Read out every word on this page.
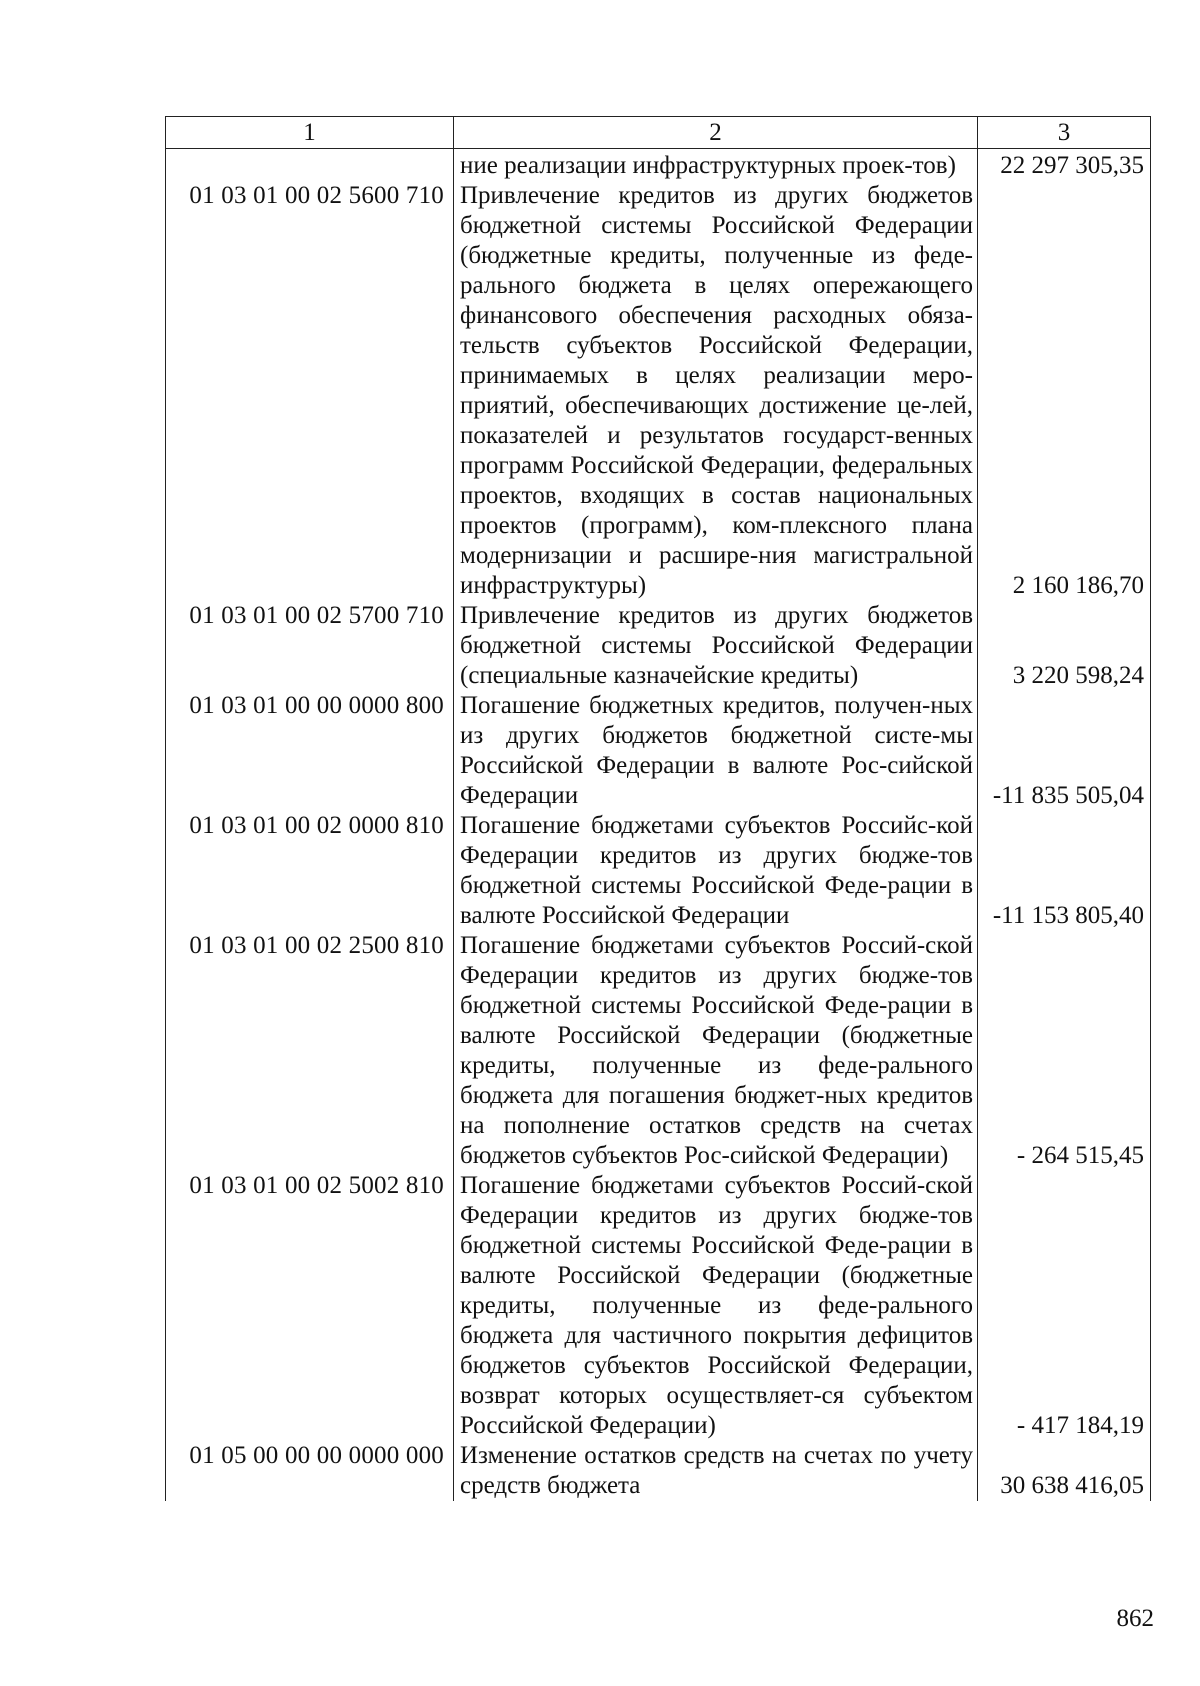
1	2	3
	ние реализации инфраструктурных проек-тов)	22 297 305,35
01 03 01 00 02 5600 710	Привлечение кредитов из других бюджетов бюджетной системы Российской Федерации (бюджетные кредиты, полученные из феде-рального бюджета в целях опережающего финансового обеспечения расходных обяза-тельств субъектов Российской Федерации, принимаемых в целях реализации меро-приятий, обеспечивающих достижение це-лей, показателей и результатов государст-венных программ Российской Федерации, федеральных проектов, входящих в состав национальных проектов (программ), ком-плексного плана модернизации и расшире-ния магистральной инфраструктуры)	2 160 186,70
01 03 01 00 02 5700 710	Привлечение кредитов из других бюджетов бюджетной системы Российской Федерации (специальные казначейские кредиты)	3 220 598,24
01 03 01 00 00 0000 800	Погашение бюджетных кредитов, получен-ных из других бюджетов бюджетной систе-мы Российской Федерации в валюте Рос-сийской Федерации	-11 835 505,04
01 03 01 00 02 0000 810	Погашение бюджетами субъектов Российс-кой Федерации кредитов из других бюдже-тов бюджетной системы Российской Феде-рации в валюте Российской Федерации	-11 153 805,40
01 03 01 00 02 2500 810	Погашение бюджетами субъектов Россий-ской Федерации кредитов из других бюдже-тов бюджетной системы Российской Феде-рации в валюте Российской Федерации (бюджетные кредиты, полученные из феде-рального бюджета для погашения бюджет-ных кредитов на пополнение остатков средств на счетах бюджетов субъектов Рос-сийской Федерации)	- 264 515,45
01 03 01 00 02 5002 810	Погашение бюджетами субъектов Россий-ской Федерации кредитов из других бюдже-тов бюджетной системы Российской Феде-рации в валюте Российской Федерации (бюджетные кредиты, полученные из феде-рального бюджета для частичного покрытия дефицитов бюджетов субъектов Российской Федерации, возврат которых осуществляет-ся субъектом Российской Федерации)	- 417 184,19
01 05 00 00 00 0000 000	Изменение остатков средств на счетах по учету средств бюджета	30 638 416,05
862
